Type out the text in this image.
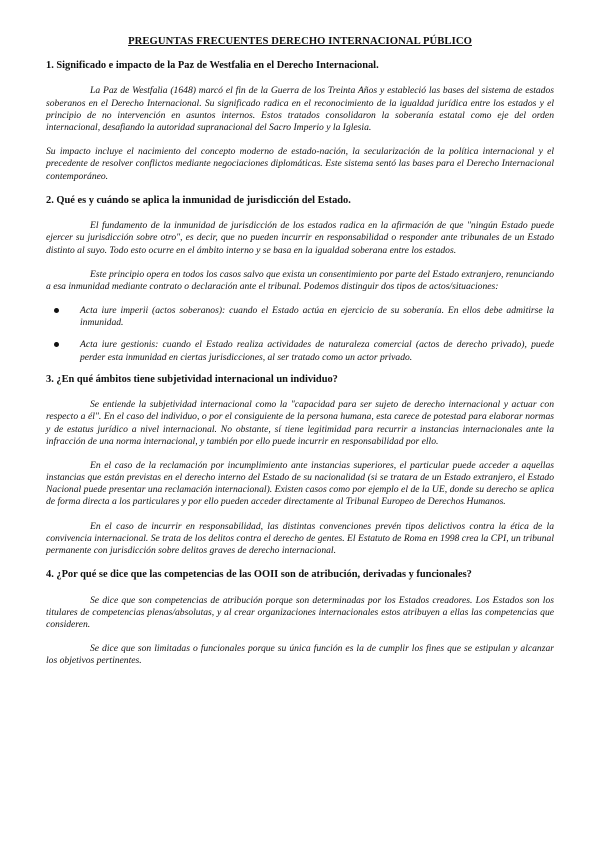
PREGUNTAS FRECUENTES DERECHO INTERNACIONAL PÚBLICO
1. Significado e impacto de la Paz de Westfalia en el Derecho Internacional.

La Paz de Westfalia (1648) marcó el fin de la Guerra de los Treinta Años y estableció las bases del sistema de estados soberanos en el Derecho Internacional. Su significado radica en el reconocimiento de la igualdad jurídica entre los estados y el principio de no intervención en asuntos internos. Estos tratados consolidaron la soberanía estatal como eje del orden internacional, desafiando la autoridad supranacional del Sacro Imperio y la Iglesia.

Su impacto incluye el nacimiento del concepto moderno de estado-nación, la secularización de la política internacional y el precedente de resolver conflictos mediante negociaciones diplomáticas. Este sistema sentó las bases para el Derecho Internacional contemporáneo.

2. Qué es y cuándo se aplica la inmunidad de jurisdicción del Estado.

El fundamento de la inmunidad de jurisdicción de los estados radica en la afirmación de que "ningún Estado puede ejercer su jurisdicción sobre otro", es decir, que no pueden incurrir en responsabilidad o responder ante tribunales de un Estado distinto al suyo. Todo esto ocurre en el ámbito interno y se basa en la igualdad soberana entre los estados.

Este principio opera en todos los casos salvo que exista un consentimiento por parte del Estado extranjero, renunciando a esa inmunidad mediante contrato o declaración ante el tribunal. Podemos distinguir dos tipos de actos/situaciones:

Acta iure imperii (actos soberanos): cuando el Estado actúa en ejercicio de su soberanía. En ellos debe admitirse la inmunidad.
Acta iure gestionis: cuando el Estado realiza actividades de naturaleza comercial (actos de derecho privado), puede perder esta inmunidad en ciertas jurisdicciones, al ser tratado como un actor privado.
3. ¿En qué ámbitos tiene subjetividad internacional un individuo?

Se entiende la subjetividad internacional como la "capacidad para ser sujeto de derecho internacional y actuar con respecto a él". En el caso del individuo, o por el consiguiente de la persona humana, esta carece de potestad para elaborar normas y de estatus jurídico a nivel internacional. No obstante, sí tiene legitimidad para recurrir a instancias internacionales ante la infracción de una norma internacional, y también por ello puede incurrir en responsabilidad por ello.

En el caso de la reclamación por incumplimiento ante instancias superiores, el particular puede acceder a aquellas instancias que están previstas en el derecho interno del Estado de su nacionalidad (si se tratara de un Estado extranjero, el Estado Nacional puede presentar una reclamación internacional). Existen casos como por ejemplo el de la UE, donde su derecho se aplica de forma directa a los particulares y por ello pueden acceder directamente al Tribunal Europeo de Derechos Humanos.

En el caso de incurrir en responsabilidad, las distintas convenciones prevén tipos delictivos contra la ética de la convivencia internacional. Se trata de los delitos contra el derecho de gentes. El Estatuto de Roma en 1998 crea la CPI, un tribunal permanente con jurisdicción sobre delitos graves de derecho internacional.

4. ¿Por qué se dice que las competencias de las OOII son de atribución, derivadas y funcionales?

Se dice que son competencias de atribución porque son determinadas por los Estados creadores. Los Estados son los titulares de competencias plenas/absolutas, y al crear organizaciones internacionales estos atribuyen a ellas las competencias que consideren.

Se dice que son limitadas o funcionales porque su única función es la de cumplir los fines que se estipulan y alcanzar los objetivos pertinentes.
